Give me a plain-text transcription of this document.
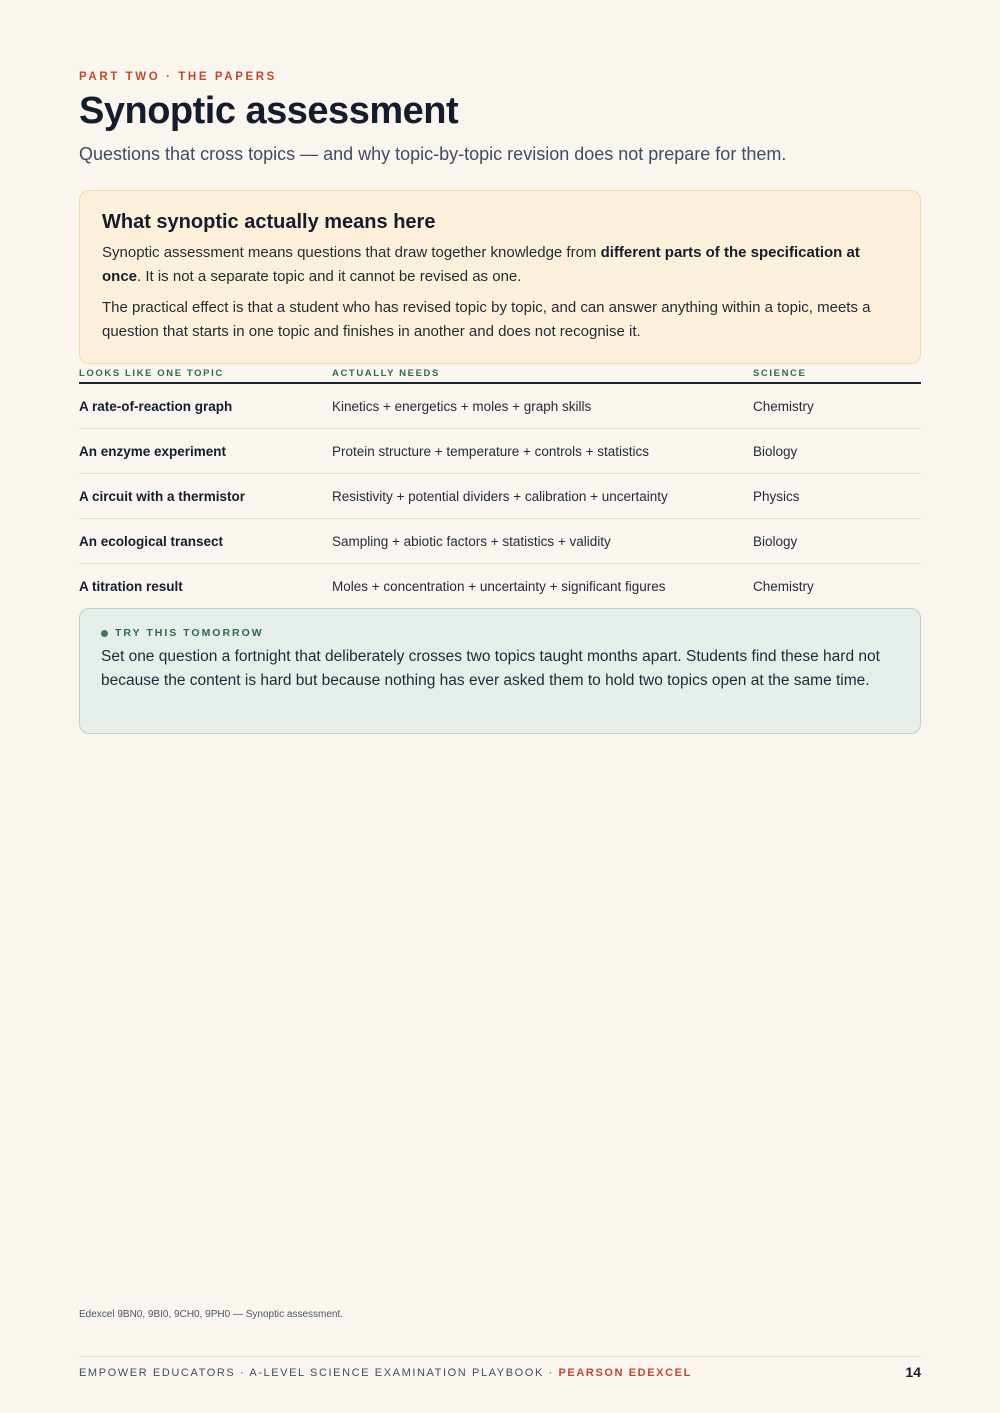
PART TWO · THE PAPERS
Synoptic assessment
Questions that cross topics — and why topic-by-topic revision does not prepare for them.
What synoptic actually means here

Synoptic assessment means questions that draw together knowledge from different parts of the specification at once. It is not a separate topic and it cannot be revised as one.

The practical effect is that a student who has revised topic by topic, and can answer anything within a topic, meets a question that starts in one topic and finishes in another and does not recognise it.

LOOKS LIKE ONE TOPIC	ACTUALLY NEEDS	SCIENCE
A rate-of-reaction graph	Kinetics + energetics + moles + graph skills	Chemistry
An enzyme experiment	Protein structure + temperature + controls + statistics	Biology
A circuit with a thermistor	Resistivity + potential dividers + calibration + uncertainty	Physics
An ecological transect	Sampling + abiotic factors + statistics + validity	Biology
A titration result	Moles + concentration + uncertainty + significant figures	Chemistry
TRY THIS TOMORROW
Set one question a fortnight that deliberately crosses two topics taught months apart. Students find these hard not because the content is hard but because nothing has ever asked them to hold two topics open at the same time.
Edexcel 9BN0, 9BI0, 9CH0, 9PH0 — Synoptic assessment.
EMPOWER EDUCATORS · A-LEVEL SCIENCE EXAMINATION PLAYBOOK · PEARSON EDEXCEL	14
